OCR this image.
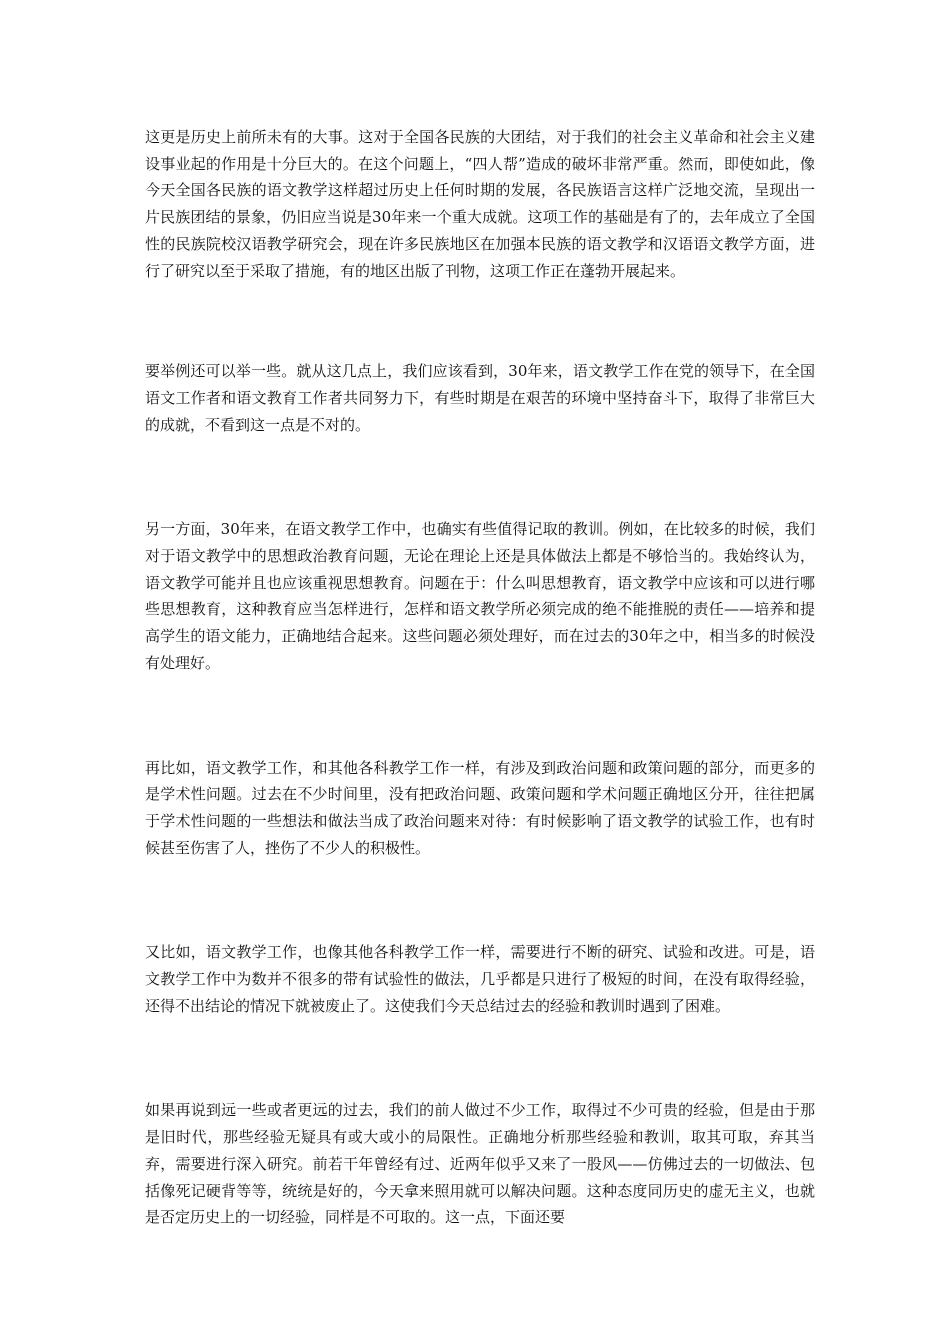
这更是历史上前所未有的大事。这对于全国各民族的大团结，对于我们的社会主义革命和社会主义建设事业起的作用是十分巨大的。在这个问题上，“四人帮”造成的破坏非常严重。然而，即使如此，像今天全国各民族的语文教学这样超过历史上任何时期的发展，各民族语言这样广泛地交流，呈现出一片民族团结的景象，仍旧应当说是30年来一个重大成就。这项工作的基础是有了的，去年成立了全国性的民族院校汉语教学研究会，现在许多民族地区在加强本民族的语文教学和汉语语文教学方面，进行了研究以至于采取了措施，有的地区出版了刊物，这项工作正在蓬勃开展起来。

要举例还可以举一些。就从这几点上，我们应该看到，30年来，语文教学工作在党的领导下，在全国语文工作者和语文教育工作者共同努力下，有些时期是在艰苦的环境中坚持奋斗下，取得了非常巨大的成就，不看到这一点是不对的。

另一方面，30年来，在语文教学工作中，也确实有些值得记取的教训。例如，在比较多的时候，我们对于语文教学中的思想政治教育问题，无论在理论上还是具体做法上都是不够恰当的。我始终认为，语文教学可能并且也应该重视思想教育。问题在于：什么叫思想教育，语文教学中应该和可以进行哪些思想教育，这种教育应当怎样进行，怎样和语文教学所必须完成的绝不能推脱的责任——培养和提高学生的语文能力，正确地结合起来。这些问题必须处理好，而在过去的30年之中，相当多的时候没有处理好。

再比如，语文教学工作，和其他各科教学工作一样，有涉及到政治问题和政策问题的部分，而更多的是学术性问题。过去在不少时间里，没有把政治问题、政策问题和学术问题正确地区分开，往往把属于学术性问题的一些想法和做法当成了政治问题来对待：有时候影响了语文教学的试验工作，也有时候甚至伤害了人，挫伤了不少人的积极性。

又比如，语文教学工作，也像其他各科教学工作一样，需要进行不断的研究、试验和改进。可是，语文教学工作中为数并不很多的带有试验性的做法，几乎都是只进行了极短的时间，在没有取得经验，还得不出结论的情况下就被废止了。这使我们今天总结过去的经验和教训时遇到了困难。

如果再说到远一些或者更远的过去，我们的前人做过不少工作，取得过不少可贵的经验，但是由于那是旧时代，那些经验无疑具有或大或小的局限性。正确地分析那些经验和教训，取其可取，弃其当弃，需要进行深入研究。前若干年曾经有过、近两年似乎又来了一股风——仿佛过去的一切做法、包括像死记硬背等等，统统是好的，今天拿来照用就可以解决问题。这种态度同历史的虚无主义，也就是否定历史上的一切经验，同样是不可取的。这一点，下面还要
